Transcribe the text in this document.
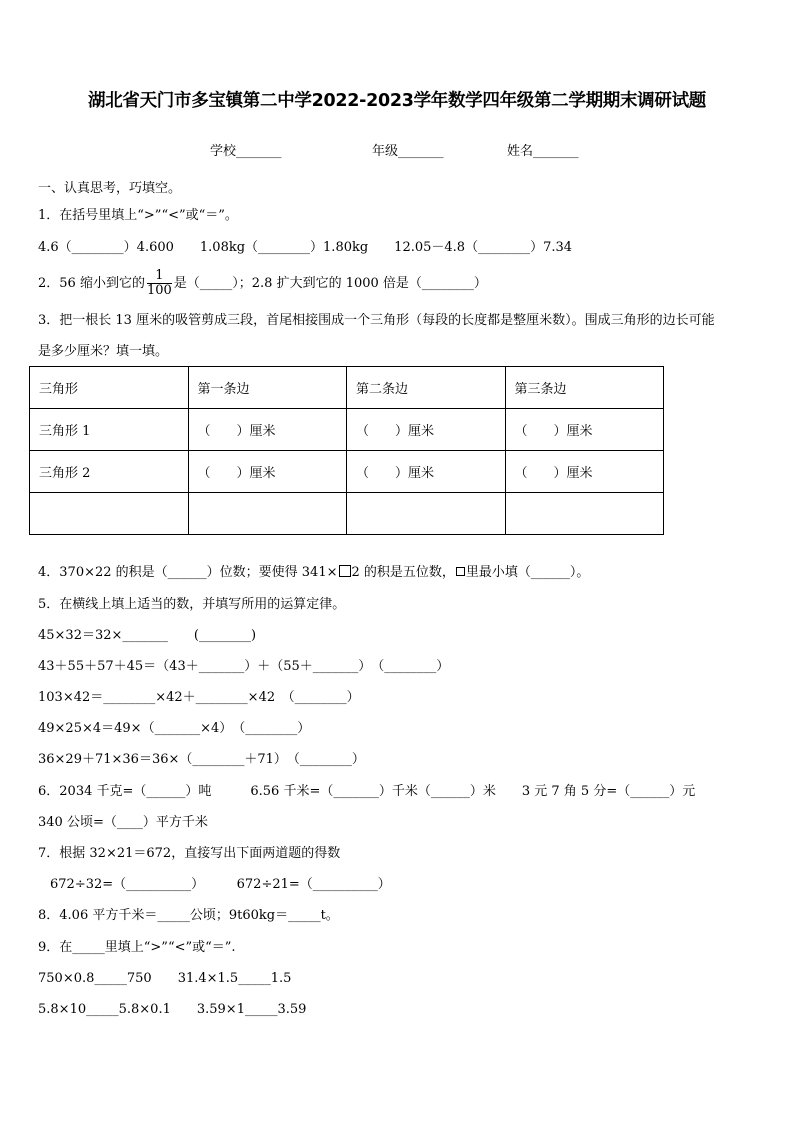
湖北省天门市多宝镇第二中学2022-2023学年数学四年级第二学期期末调研试题
学校_______	年级_______	姓名_______
一、认真思考，巧填空。
1．在括号里填上“>”“<”或“＝”。
4.6（________）4.600　　1.08kg（________）1.80kg　　12.05－4.8（________）7.34
2．56 缩小到它的 $\frac{1}{100}$ 是（_____）；2.8 扩大到它的 1000 倍是（________）
3．把一根长 13 厘米的吸管剪成三段，首尾相接围成一个三角形（每段的长度都是整厘米数）。围成三角形的边长可能
是多少厘米？填一填。
三角形	第一条边	第二条边	第三条边
三角形 1	（　　）厘米	（　　）厘米	（　　）厘米
三角形 2	（　　）厘米	（　　）厘米	（　　）厘米

4．370×22 的积是（______）位数；要使得 341× 2 的积是五位数， 里最小填（______）。
5．在横线上填上适当的数，并填写所用的运算定律。
45×32＝32×_______　　(________)
43＋55＋57＋45＝（43＋_______）＋（55＋_______）　（________）
103×42＝________×42＋________×42　（________）
49×25×4＝49×（_______×4）　（________）
36×29＋71×36＝36×（________＋71）　（________）
6．2034 千克=（______）吨　　　6.56 千米=（_______）千米（______）米　　3 元 7 角 5 分=（______）元
340 公顷=（____）平方千米
7．根据 32×21＝672，直接写出下面两道题的得数
672÷32=（__________）　　　672÷21=（__________）
8．4.06 平方千米＝_____公顷；9t60kg＝_____t。
9．在_____里填上“>”“<”或“＝”.
750×0.8_____750　　31.4×1.5_____1.5
5.8×10_____5.8×0.1　　3.59×1_____3.59
